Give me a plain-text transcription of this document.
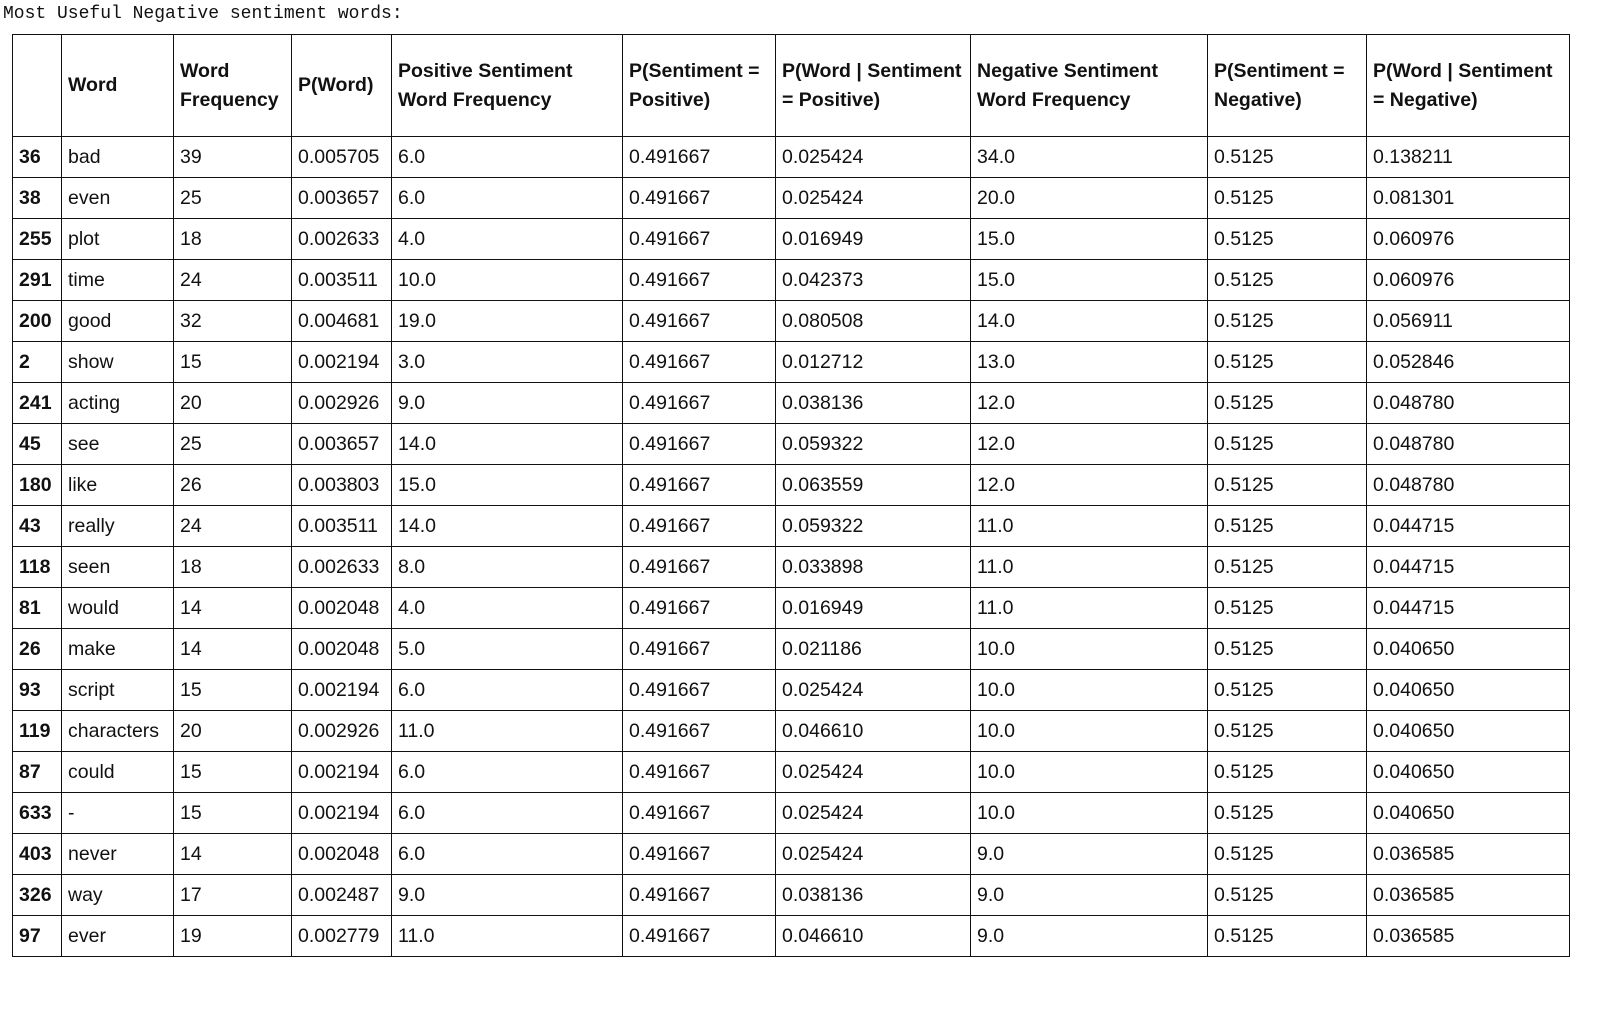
Most Useful Negative sentiment words:
	Word	Word Frequency	P(Word)	Positive Sentiment Word Frequency	P(Sentiment = Positive)	P(Word | Sentiment = Positive)	Negative Sentiment Word Frequency	P(Sentiment = Negative)	P(Word | Sentiment = Negative)
36	bad	39	0.005705	6.0	0.491667	0.025424	34.0	0.5125	0.138211
38	even	25	0.003657	6.0	0.491667	0.025424	20.0	0.5125	0.081301
255	plot	18	0.002633	4.0	0.491667	0.016949	15.0	0.5125	0.060976
291	time	24	0.003511	10.0	0.491667	0.042373	15.0	0.5125	0.060976
200	good	32	0.004681	19.0	0.491667	0.080508	14.0	0.5125	0.056911
2	show	15	0.002194	3.0	0.491667	0.012712	13.0	0.5125	0.052846
241	acting	20	0.002926	9.0	0.491667	0.038136	12.0	0.5125	0.048780
45	see	25	0.003657	14.0	0.491667	0.059322	12.0	0.5125	0.048780
180	like	26	0.003803	15.0	0.491667	0.063559	12.0	0.5125	0.048780
43	really	24	0.003511	14.0	0.491667	0.059322	11.0	0.5125	0.044715
118	seen	18	0.002633	8.0	0.491667	0.033898	11.0	0.5125	0.044715
81	would	14	0.002048	4.0	0.491667	0.016949	11.0	0.5125	0.044715
26	make	14	0.002048	5.0	0.491667	0.021186	10.0	0.5125	0.040650
93	script	15	0.002194	6.0	0.491667	0.025424	10.0	0.5125	0.040650
119	characters	20	0.002926	11.0	0.491667	0.046610	10.0	0.5125	0.040650
87	could	15	0.002194	6.0	0.491667	0.025424	10.0	0.5125	0.040650
633	-	15	0.002194	6.0	0.491667	0.025424	10.0	0.5125	0.040650
403	never	14	0.002048	6.0	0.491667	0.025424	9.0	0.5125	0.036585
326	way	17	0.002487	9.0	0.491667	0.038136	9.0	0.5125	0.036585
97	ever	19	0.002779	11.0	0.491667	0.046610	9.0	0.5125	0.036585
